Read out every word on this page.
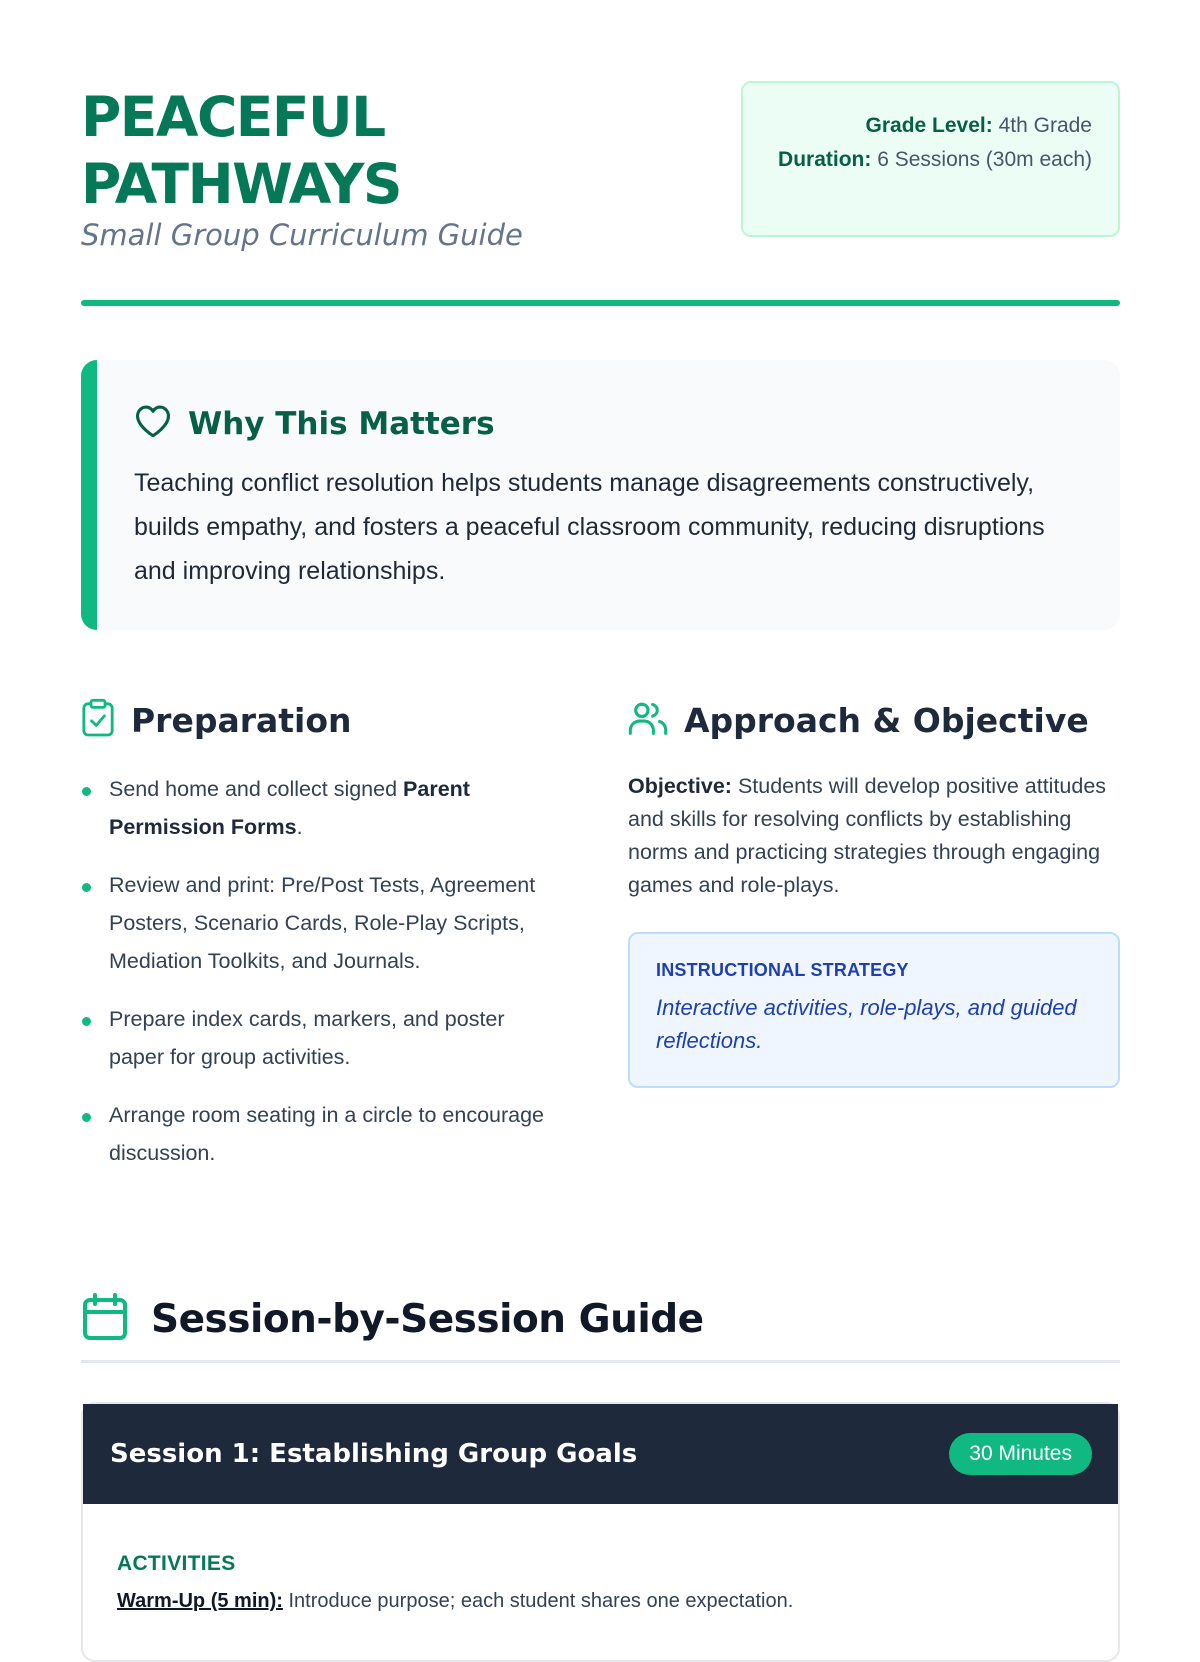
PEACEFUL
PATHWAYS
Small Group Curriculum Guide
Grade Level: 4th Grade
Duration: 6 Sessions (30m each)
Why This Matters

Teaching conflict resolution helps students manage disagreements constructively, builds empathy, and fosters a peaceful classroom community, reducing disruptions and improving relationships.

Preparation
Send home and collect signed Parent Permission Forms.
Review and print: Pre/Post Tests, Agreement Posters, Scenario Cards, Role-Play Scripts, Mediation Toolkits, and Journals.
Prepare index cards, markers, and poster paper for group activities.
Arrange room seating in a circle to encourage discussion.
Approach & Objective

Objective: Students will develop positive attitudes and skills for resolving conflicts by establishing norms and practicing strategies through engaging games and role-plays.

INSTRUCTIONAL STRATEGY
Interactive activities, role-plays, and guided reflections.
Session-by-Session Guide
Session 1: Establishing Group Goals	30 Minutes
ACTIVITIES
Warm-Up (5 min): Introduce purpose; each student shares one expectation.
